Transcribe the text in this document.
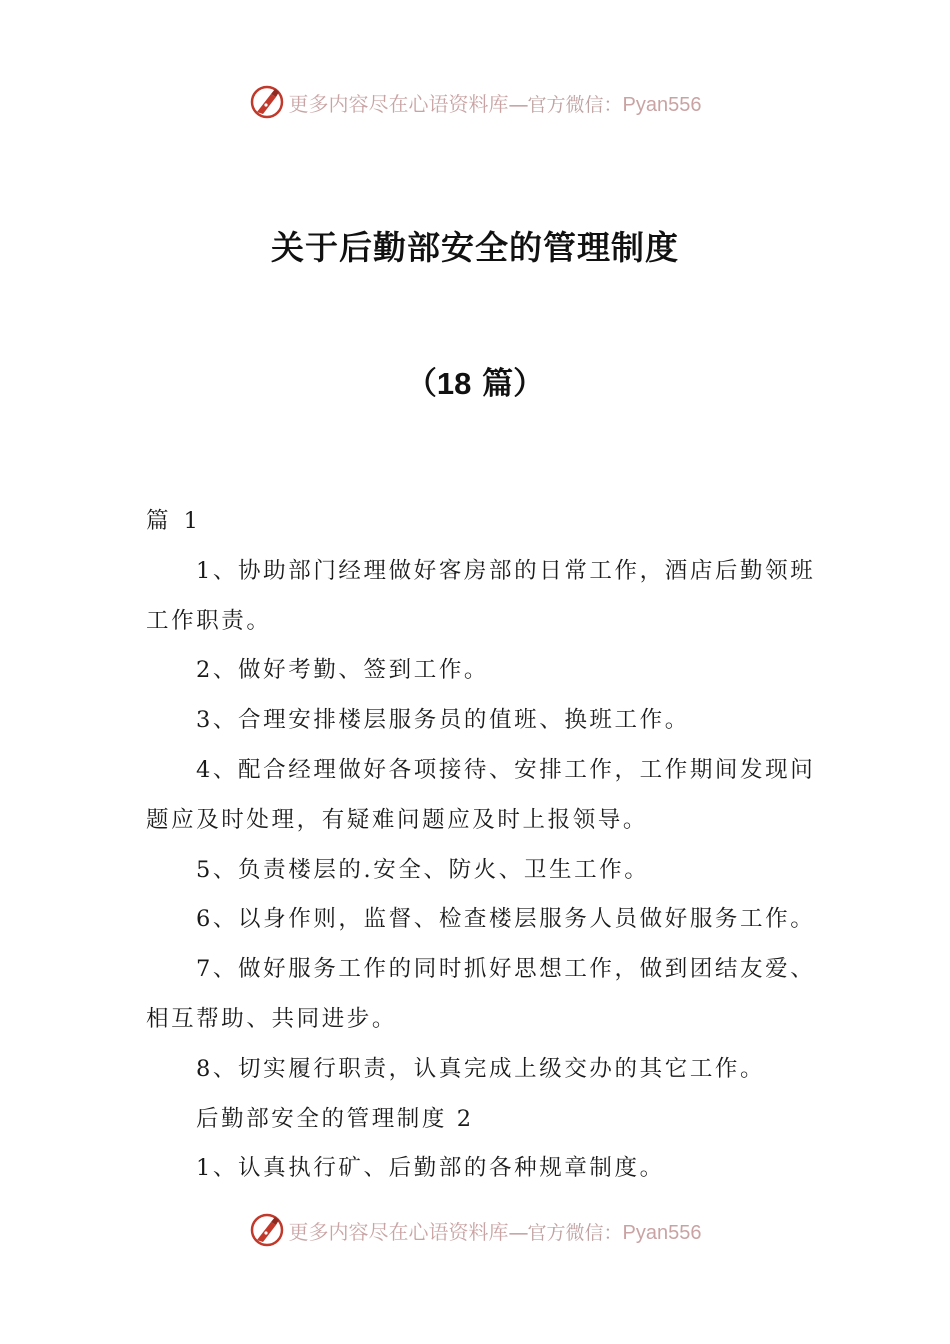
更多内容尽在心语资料库—官方微信：Pyan556
关于后勤部安全的管理制度
（18 篇）

篇 1

1、协助部门经理做好客房部的日常工作，酒店后勤领班工作职责。

2、做好考勤、签到工作。

3、合理安排楼层服务员的值班、换班工作。

4、配合经理做好各项接待、安排工作，工作期间发现问题应及时处理，有疑难问题应及时上报领导。

5、负责楼层的.安全、防火、卫生工作。

6、以身作则，监督、检查楼层服务人员做好服务工作。

7、做好服务工作的同时抓好思想工作，做到团结友爱、相互帮助、共同进步。

8、切实履行职责，认真完成上级交办的其它工作。

后勤部安全的管理制度 2

1、认真执行矿、后勤部的各种规章制度。

更多内容尽在心语资料库—官方微信：Pyan556
